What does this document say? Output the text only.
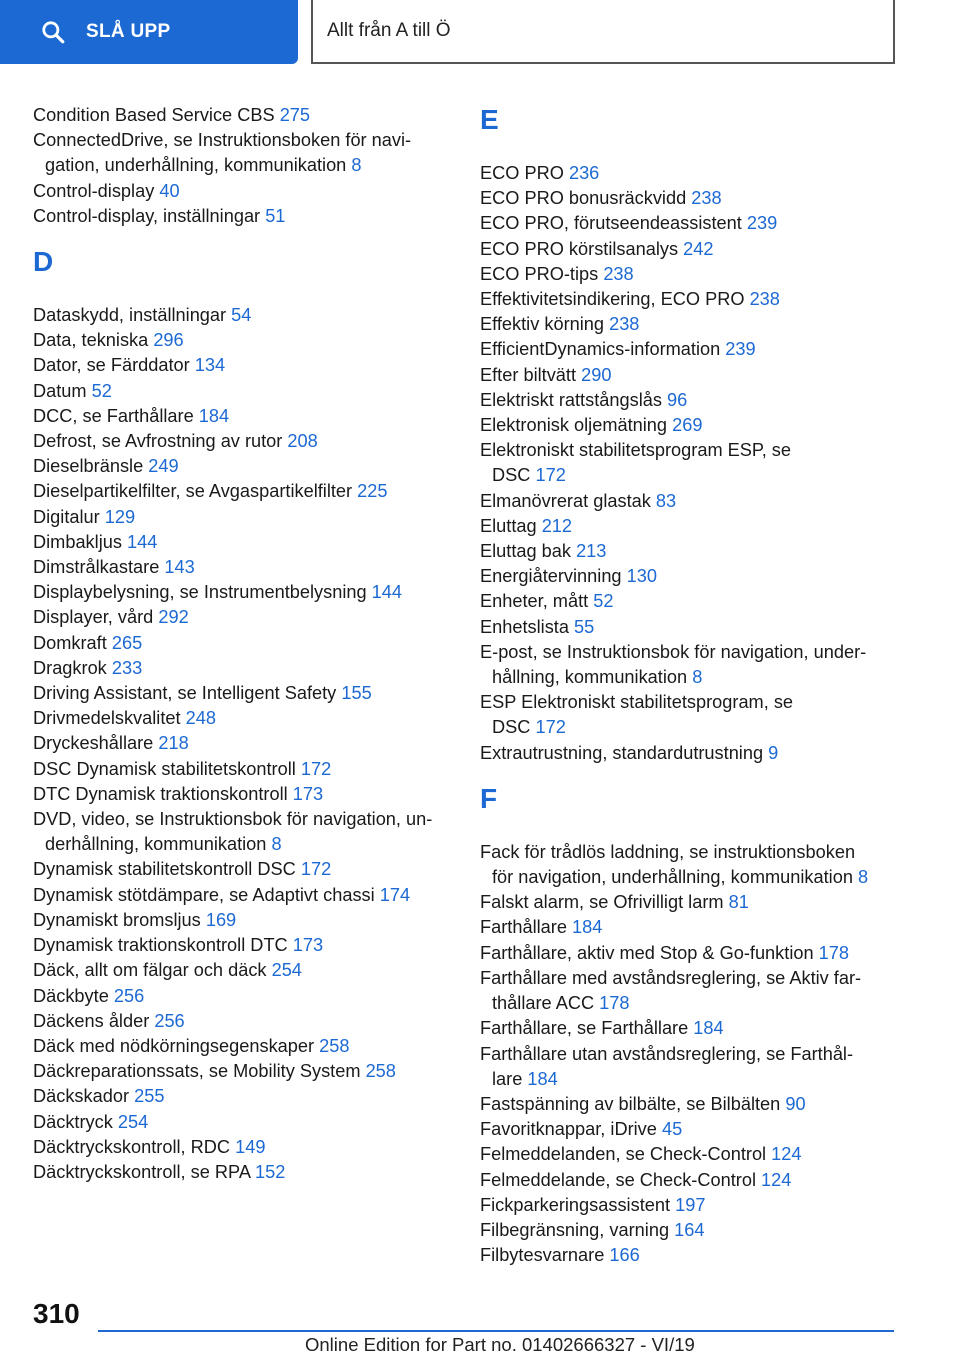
SLÅ UPP	Allt från A till Ö
Condition Based Service CBS 275
ConnectedDrive, se Instruktionsboken för navi-
gation, underhållning, kommunikation 8
Control-display 40
Control-display, inställningar 51
D
Dataskydd, inställningar 54
Data, tekniska 296
Dator, se Färddator 134
Datum 52
DCC, se Farthållare 184
Defrost, se Avfrostning av rutor 208
Dieselbränsle 249
Dieselpartikelfilter, se Avgaspartikelfilter 225
Digitalur 129
Dimbakljus 144
Dimstrålkastare 143
Displaybelysning, se Instrumentbelysning 144
Displayer, vård 292
Domkraft 265
Dragkrok 233
Driving Assistant, se Intelligent Safety 155
Drivmedelskvalitet 248
Dryckeshållare 218
DSC Dynamisk stabilitetskontroll 172
DTC Dynamisk traktionskontroll 173
DVD, video, se Instruktionsbok för navigation, un-
derhållning, kommunikation 8
Dynamisk stabilitetskontroll DSC 172
Dynamisk stötdämpare, se Adaptivt chassi 174
Dynamiskt bromsljus 169
Dynamisk traktionskontroll DTC 173
Däck, allt om fälgar och däck 254
Däckbyte 256
Däckens ålder 256
Däck med nödkörningsegenskaper 258
Däckreparationssats, se Mobility System 258
Däckskador 255
Däcktryck 254
Däcktryckskontroll, RDC 149
Däcktryckskontroll, se RPA 152
E
ECO PRO 236
ECO PRO bonusräckvidd 238
ECO PRO, förutseendeassistent 239
ECO PRO körstilsanalys 242
ECO PRO-tips 238
Effektivitetsindikering, ECO PRO 238
Effektiv körning 238
EfficientDynamics-information 239
Efter biltvätt 290
Elektriskt rattstångslås 96
Elektronisk oljemätning 269
Elektroniskt stabilitetsprogram ESP, se
DSC 172
Elmanövrerat glastak 83
Eluttag 212
Eluttag bak 213
Energiåtervinning 130
Enheter, mått 52
Enhetslista 55
E-post, se Instruktionsbok för navigation, under-
hållning, kommunikation 8
ESP Elektroniskt stabilitetsprogram, se
DSC 172
Extrautrustning, standardutrustning 9
F
Fack för trådlös laddning, se instruktionsboken
för navigation, underhållning, kommunikation 8
Falskt alarm, se Ofrivilligt larm 81
Farthållare 184
Farthållare, aktiv med Stop & Go-funktion 178
Farthållare med avståndsreglering, se Aktiv far-
thållare ACC 178
Farthållare, se Farthållare 184
Farthållare utan avståndsreglering, se Farthål-
lare 184
Fastspänning av bilbälte, se Bilbälten 90
Favoritknappar, iDrive 45
Felmeddelanden, se Check-Control 124
Felmeddelande, se Check-Control 124
Fickparkeringsassistent 197
Filbegränsning, varning 164
Filbytesvarnare 166
310
Online Edition for Part no. 01402666327 - VI/19
